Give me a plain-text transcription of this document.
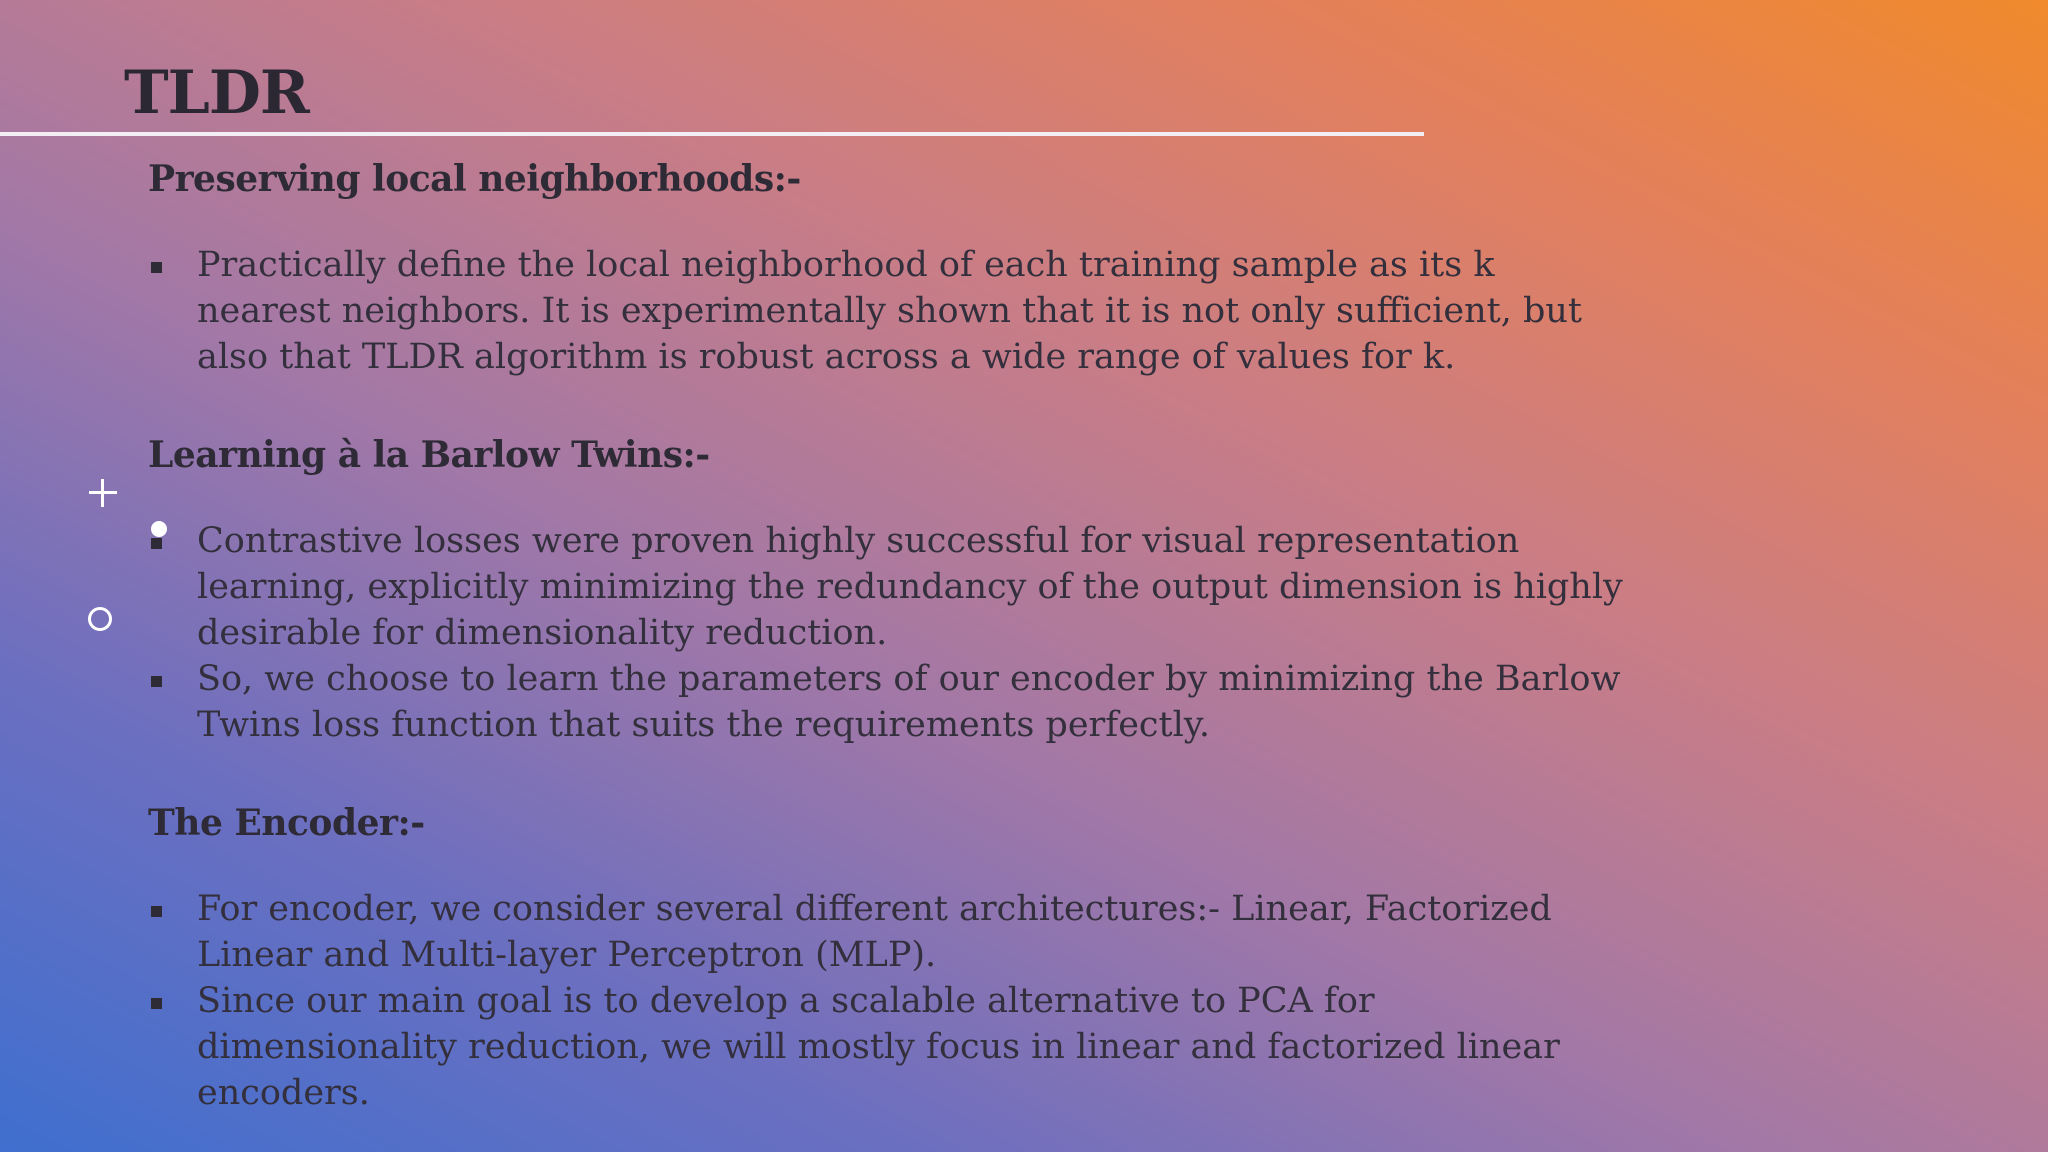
TLDR
Preserving local neighborhoods:-
Practically define the local neighborhood of each training sample as its k nearest neighbors. It is experimentally shown that it is not only sufficient, but also that TLDR algorithm is robust across a wide range of values for k.
Learning à la Barlow Twins:-
Contrastive losses were proven highly successful for visual representation learning, explicitly minimizing the redundancy of the output dimension is highly desirable for dimensionality reduction.
So, we choose to learn the parameters of our encoder by minimizing the Barlow Twins loss function that suits the requirements perfectly.
The Encoder:-
For encoder, we consider several different architectures:- Linear, Factorized Linear and Multi-layer Perceptron (MLP).
Since our main goal is to develop a scalable alternative to PCA for dimensionality reduction, we will mostly focus in linear and factorized linear encoders.
